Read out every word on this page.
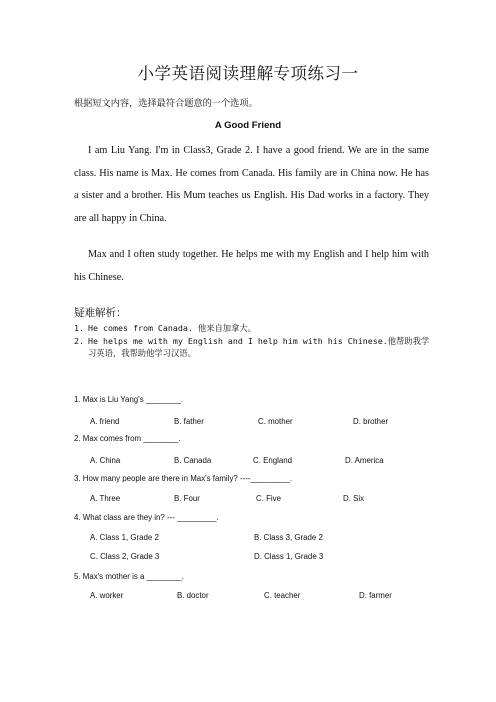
小学英语阅读理解专项练习一
根据短文内容，选择最符合题意的一个选项。
A Good Friend

I am Liu Yang. I'm in Class3, Grade 2. I have a good friend. We are in the same class. His name is Max. He comes from Canada. His family are in China now. He has a sister and a brother. His Mum teaches us English. His Dad works in a factory. They are all happy in China.

Max and I often study together. He helps me with my English and I help him with his Chinese.

疑难解析：
1. He comes from Canada. 他来自加拿大。
2. He helps me with my English and I help him with his Chinese.他帮助我学习英语，我帮助他学习汉语。
1. Max is Liu Yang's ________.
A. friend	B. father	C. mother	D. brother
2. Max comes from ________.
A. China	B. Canada	C. England	D. America
3. How many people are there in Max's family? ----_________.
A. Three	B. Four	C. Five	D. Six
4. What class are they in? --- _________.
A. Class 1, Grade 2	B. Class 3, Grade 2
C. Class 2, Grade 3	D. Class 1, Grade 3
5. Max's mother is a ________.
A. worker	B. doctor	C. teacher	D. farmer
